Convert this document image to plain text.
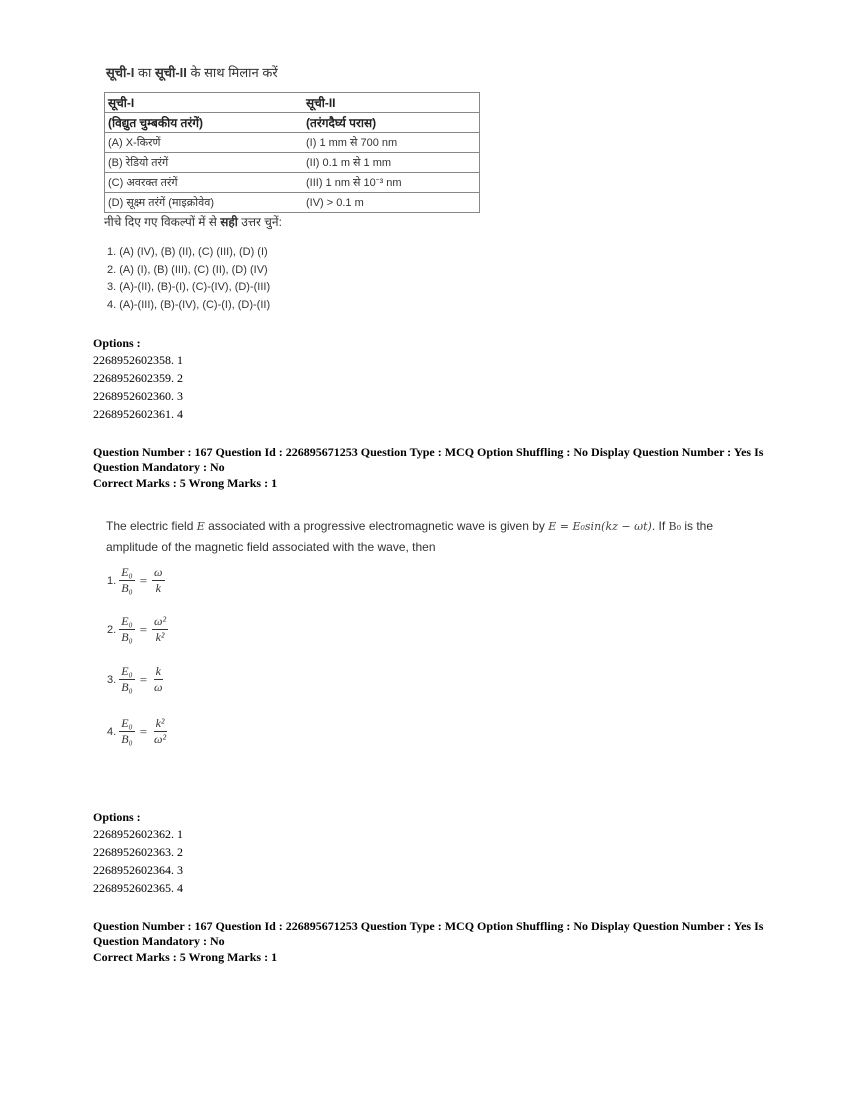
सूची-I का सूची-II के साथ मिलान करें
सूची-I	सूची-II
(विद्युत चुम्बकीय तरंगें)	(तरंगदैर्घ्य परास)
(A) X-किरणें	(I) 1 mm से 700 nm
(B) रेडियो तरंगें	(II) 0.1 m से 1 mm
(C) अवरक्त तरंगें	(III) 1 nm से 10⁻³ nm
(D) सूक्ष्म तरंगें (माइक्रोवेव)	(IV) > 0.1 m
नीचे दिए गए विकल्पों में से सही उत्तर चुनें:
1. (A) (IV), (B) (II), (C) (III), (D) (I)
2. (A) (I), (B) (III), (C) (II), (D) (IV)
3. (A)-(II), (B)-(I), (C)-(IV), (D)-(III)
4. (A)-(III), (B)-(IV), (C)-(I), (D)-(II)
Options :
2268952602358. 1
2268952602359. 2
2268952602360. 3
2268952602361. 4
Question Number : 167 Question Id : 226895671253 Question Type : MCQ Option Shuffling : No Display Question Number : Yes Is Question Mandatory : No
Correct Marks : 5 Wrong Marks : 1
The electric field E associated with a progressive electromagnetic wave is given by E = E₀sin(kz − ωt). If B₀ is the amplitude of the magnetic field associated with the wave, then
1. $\frac{\text{E₀}}{\text{B₀}} = \frac{\omega}{k}$
2. $\frac{\text{E₀}}{\text{B₀}} = \frac{\text{ω²}}{\text{k²}}$
3. $\frac{\text{E₀}}{\text{B₀}} = \frac{k}{\omega}$
4. $\frac{\text{E₀}}{\text{B₀}} = \frac{\text{k²}}{\text{ω²}}$
Options :
2268952602362. 1
2268952602363. 2
2268952602364. 3
2268952602365. 4
Question Number : 167 Question Id : 226895671253 Question Type : MCQ Option Shuffling : No Display Question Number : Yes Is Question Mandatory : No
Correct Marks : 5 Wrong Marks : 1
